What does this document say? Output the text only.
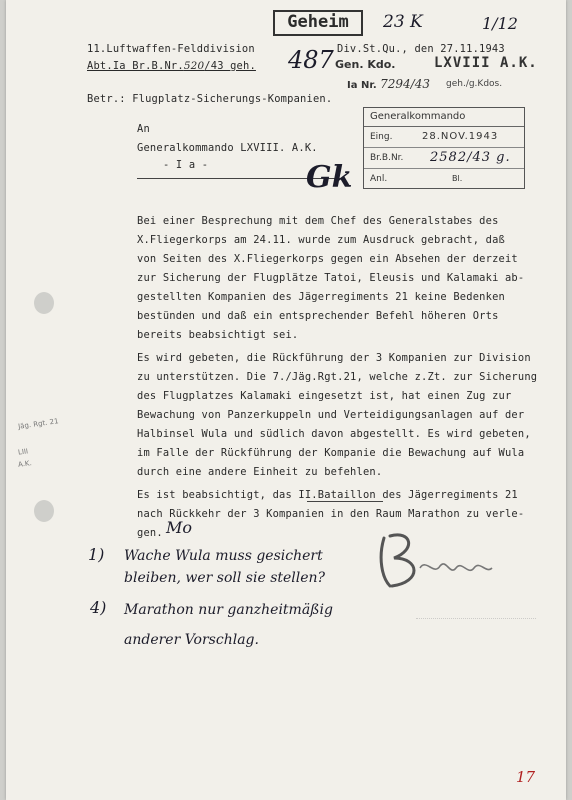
Jäg. Rgt. 21
LIII
A.K.
Geheim	23 K	1/12
11.Luftwaffen-Felddivision	Div.St.Qu., den 27.11.1943
Abt.Ia Br.B.Nr.520/43 geh. 487 Gen. Kdo.	LXVIII A.K.
Ia Nr. 7294/43 geh./g.Kdos.
Betr.: Flugplatz-Sicherungs-Kompanien.
Generalkommando
Eing.	28.NOV.1943
Br.B.Nr. 2582/43 g.
Anl.	Bl.
An
Generalkommando LXVIII. A.K.
- I a -	Gk
Bei einer Besprechung mit dem Chef des Generalstabes des
X.Fliegerkorps am 24.11. wurde zum Ausdruck gebracht, daß
von Seiten des X.Fliegerkorps gegen ein Absehen der derzeit
zur Sicherung der Flugplätze Tatoi, Eleusis und Kalamaki ab-
gestellten Kompanien des Jägerregiments 21 keine Bedenken
bestünden und daß ein entsprechender Befehl höheren Orts
bereits beabsichtigt sei.
Es wird gebeten, die Rückführung der 3 Kompanien zur Division
zu unterstützen. Die 7./Jäg.Rgt.21, welche z.Zt. zur Sicherung
des Flugplatzes Kalamaki eingesetzt ist, hat einen Zug zur
Bewachung von Panzerkuppeln und Verteidigungsanlagen auf der
Halbinsel Wula und südlich davon abgestellt. Es wird gebeten,
im Falle der Rückführung der Kompanie die Bewachung auf Wula
durch eine andere Einheit zu befehlen.
Es ist beabsichtigt, das II.Bataillon des Jägerregiments 21
nach Rückkehr der 3 Kompanien in den Raum Marathon zu verle-
gen. Mo
1) Wache Wula muss gesichert
bleiben, wer soll sie stellen?
4) Marathon nur ganzheitmäßig
anderer Vorschlag.
17
